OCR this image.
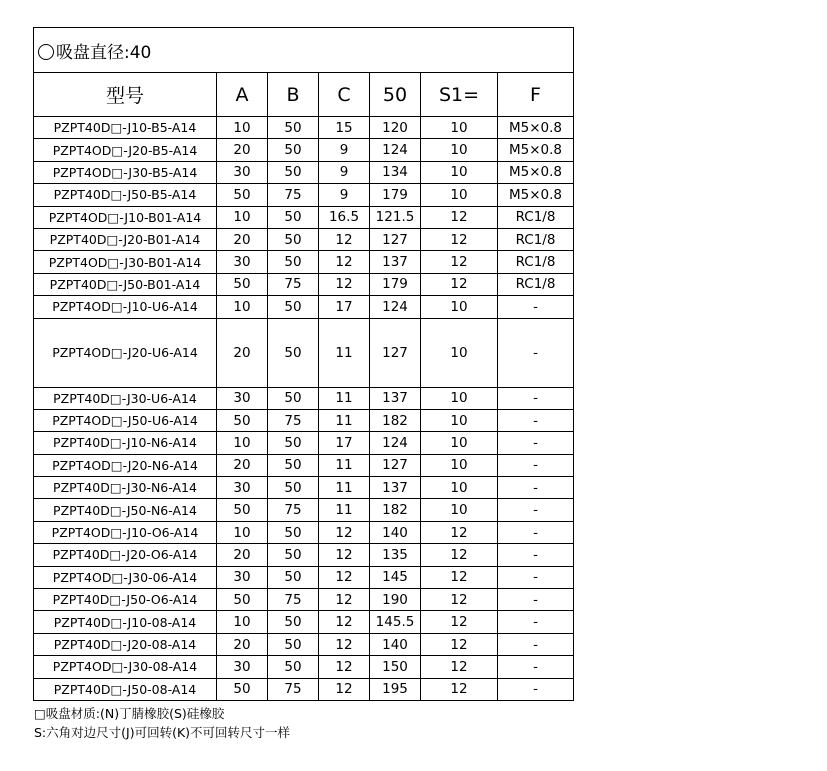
吸盘直径:40						
型号	A	B	C	50	S1=	F
PZPT40D□-J10-B5-A14	10	50	15	120	10	M5×0.8
PZPT4OD□-J20-B5-A14	20	50	9	124	10	M5×0.8
PZPT4OD□-J30-B5-A14	30	50	9	134	10	M5×0.8
PZPT40D□-J50-B5-A14	50	75	9	179	10	M5×0.8
PZPT4OD□-J10-B01-A14	10	50	16.5	121.5	12	RC1/8
PZPT40D□-J20-B01-A14	20	50	12	127	12	RC1/8
PZPT4OD□-J30-B01-A14	30	50	12	137	12	RC1/8
PZPT40D□-J50-B01-A14	50	75	12	179	12	RC1/8
PZPT4OD□-J10-U6-A14	10	50	17	124	10	-
PZPT4OD□-J20-U6-A14	20	50	11	127	10	-
PZPT40D□-J30-U6-A14	30	50	11	137	10	-
PZPT4OD□-J50-U6-A14	50	75	11	182	10	-
PZPT40D□-J10-N6-A14	10	50	17	124	10	-
PZPT4OD□-J20-N6-A14	20	50	11	127	10	-
PZPT40D□-J30-N6-A14	30	50	11	137	10	-
PZPT40D□-J50-N6-A14	50	75	11	182	10	-
PZPT4OD□-J10-O6-A14	10	50	12	140	12	-
PZPT40D□-J20-O6-A14	20	50	12	135	12	-
PZPT4OD□-J30-06-A14	30	50	12	145	12	-
PZPT40D□-J50-O6-A14	50	75	12	190	12	-
PZPT40D□-J10-08-A14	10	50	12	145.5	12	-
PZPT40D□-J20-08-A14	20	50	12	140	12	-
PZPT4OD□-J30-08-A14	30	50	12	150	12	-
PZPT40D□-J50-08-A14	50	75	12	195	12	-
□吸盘材质:(N)丁腈橡胶(S)硅橡胶
S:六角对边尺寸(J)可回转(K)不可回转尺寸一样
